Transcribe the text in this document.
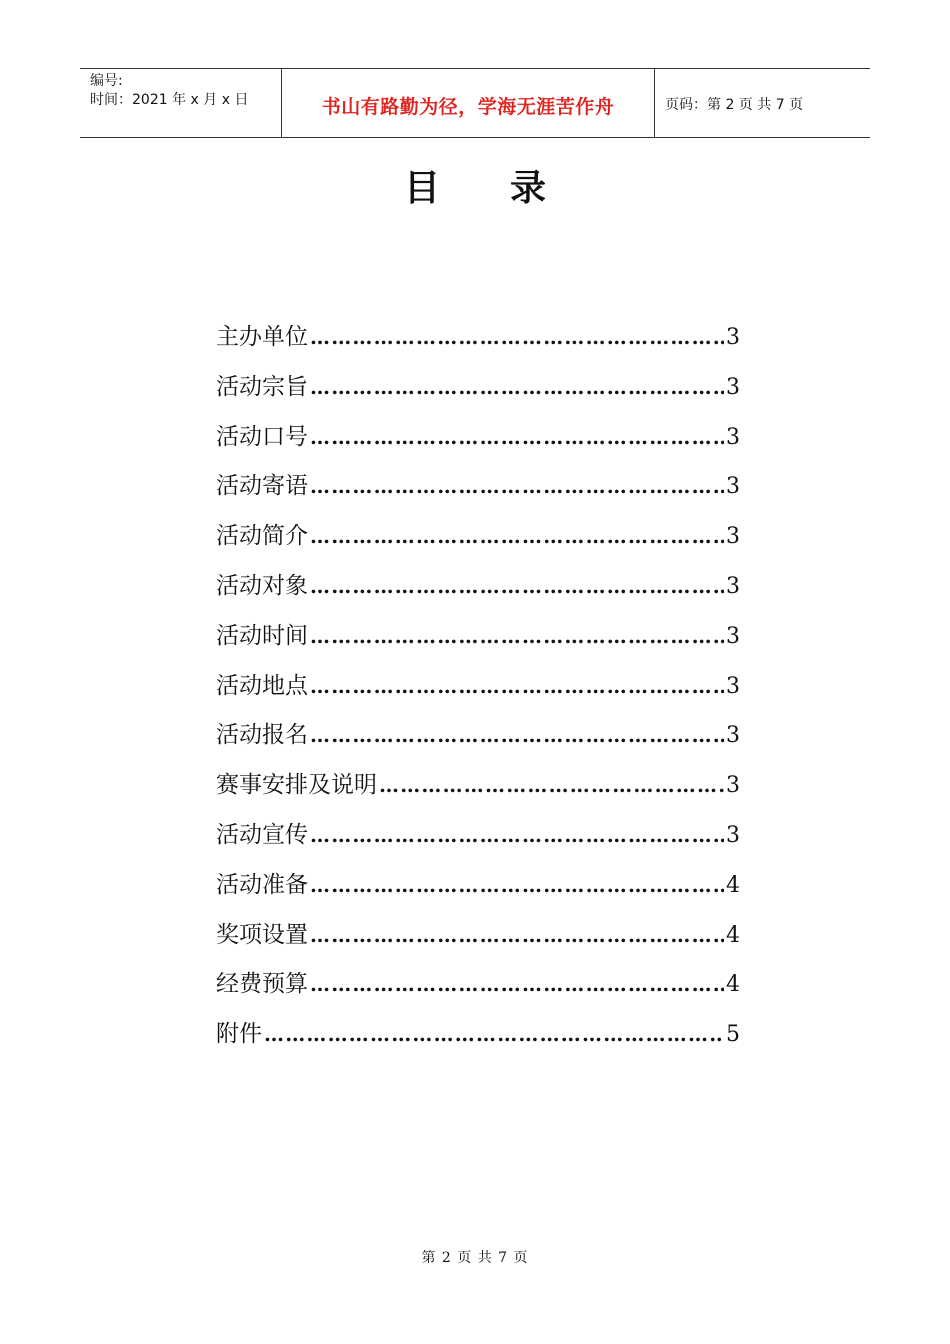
编号:
时间：2021 年 x 月 x 日	书山有路勤为径，学海无涯苦作舟	页码：第 2 页 共 7 页
目 录
主办单位 …………………………………………………………………………………………………………	3
活动宗旨 …………………………………………………………………………………………………………	3
活动口号 …………………………………………………………………………………………………………	3
活动寄语 …………………………………………………………………………………………………………	3
活动简介 …………………………………………………………………………………………………………	3
活动对象 …………………………………………………………………………………………………………	3
活动时间 …………………………………………………………………………………………………………	3
活动地点 …………………………………………………………………………………………………………	3
活动报名 …………………………………………………………………………………………………………	3
赛事安排及说明 …………………………………………………………………………………………………………	3
活动宣传 …………………………………………………………………………………………………………	3
活动准备 …………………………………………………………………………………………………………	4
奖项设置 …………………………………………………………………………………………………………	4
经费预算 …………………………………………………………………………………………………………	4
附件 …………………………………………………………………………………………………………	5
第 2 页 共 7 页
